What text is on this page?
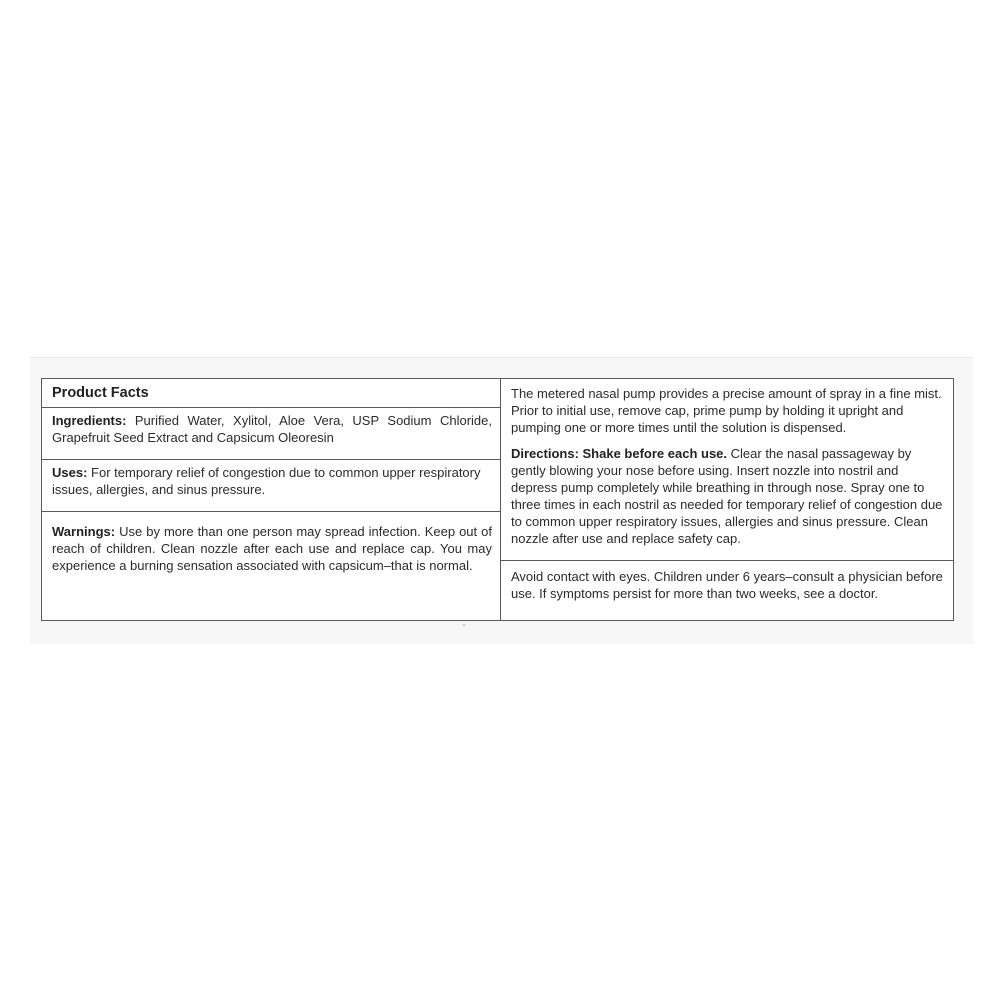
Product Facts

Ingredients: Purified Water, Xylitol, Aloe Vera, USP Sodium Chloride, Grapefruit Seed Extract and Capsicum Oleoresin

Uses: For temporary relief of congestion due to common upper respiratory issues, allergies, and sinus pressure.

Warnings: Use by more than one person may spread infection. Keep out of reach of children. Clean nozzle after each use and replace cap. You may experience a burning sensation associated with capsicum–that is normal.

The metered nasal pump provides a precise amount of spray in a fine mist. Prior to initial use, remove cap, prime pump by holding it upright and pumping one or more times until the solution is dispensed.

Directions: Shake before each use. Clear the nasal passageway by gently blowing your nose before using. Insert nozzle into nostril and depress pump completely while breathing in through nose. Spray one to three times in each nostril as needed for temporary relief of congestion due to common upper respiratory issues, allergies and sinus pressure. Clean nozzle after use and replace safety cap.

Avoid contact with eyes. Children under 6 years–consult a physician before use. If symptoms persist for more than two weeks, see a doctor.
